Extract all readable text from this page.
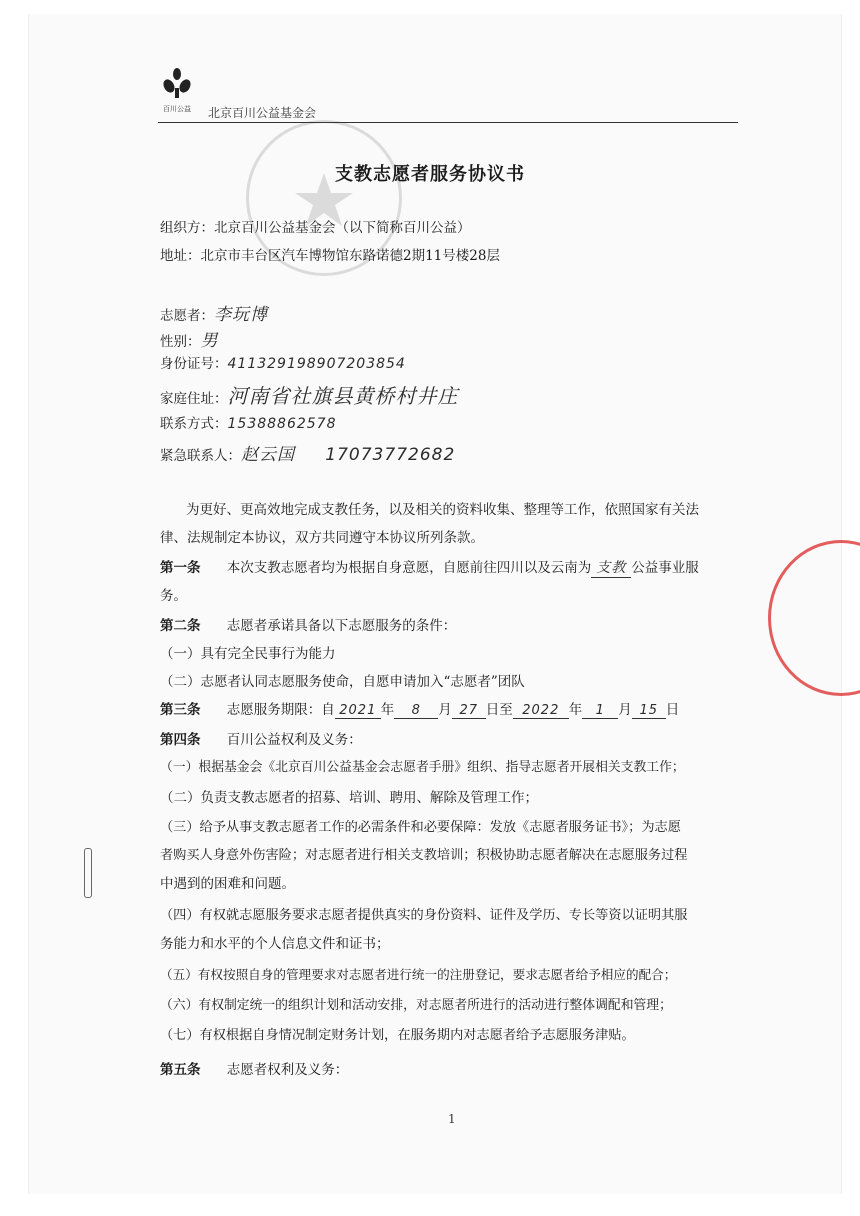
百川公益 北京百川公益基金会
支教志愿者服务协议书
组织方：北京百川公益基金会（以下简称百川公益）
地址：北京市丰台区汽车博物馆东路诺德2期11号楼28层
志愿者：李玩博
性别：男
身份证号：411329198907203854
家庭住址：河南省社旗县黄桥村井庄
联系方式：15388862578
紧急联系人：赵云国 17073772682
为更好、更高效地完成支教任务，以及相关的资料收集、整理等工作，依照国家有关法
律、法规制定本协议，双方共同遵守本协议所列条款。
第一条 本次支教志愿者均为根据自身意愿，自愿前往四川以及云南为 支教 公益事业服
务。
第二条 志愿者承诺具备以下志愿服务的条件：
（一）具有完全民事行为能力
（二）志愿者认同志愿服务使命，自愿申请加入“志愿者”团队
第三条 志愿服务期限：自 2021 年 8 月 27 日至 2022 年 1 月 15 日
第四条 百川公益权利及义务：
（一）根据基金会《北京百川公益基金会志愿者手册》组织、指导志愿者开展相关支教工作；
（二）负责支教志愿者的招募、培训、聘用、解除及管理工作；
（三）给予从事支教志愿者工作的必需条件和必要保障：发放《志愿者服务证书》；为志愿
者购买人身意外伤害险；对志愿者进行相关支教培训；积极协助志愿者解决在志愿服务过程
中遇到的困难和问题。
（四）有权就志愿服务要求志愿者提供真实的身份资料、证件及学历、专长等资以证明其服
务能力和水平的个人信息文件和证书；
（五）有权按照自身的管理要求对志愿者进行统一的注册登记，要求志愿者给予相应的配合；
（六）有权制定统一的组织计划和活动安排，对志愿者所进行的活动进行整体调配和管理；
（七）有权根据自身情况制定财务计划，在服务期内对志愿者给予志愿服务津贴。
第五条 志愿者权利及义务：
1
